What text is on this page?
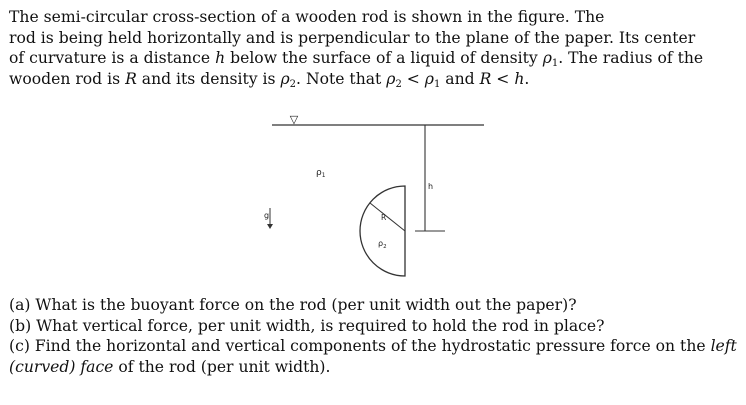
The semi-circular cross-section of a wooden rod is shown in the figure. The
rod is being held horizontally and is perpendicular to the plane of the paper. Its center
of curvature is a distance h below the surface of a liquid of density $\rho_1$. The radius of the
wooden rod is R and its density is $\rho_2$. Note that $\rho_2 < \rho_1$ and R < h.
▽
h
$\rho_1$
g	R
$\rho_2$
(a) What is the buoyant force on the rod (per unit width out the paper)?
(b) What vertical force, per unit width, is required to hold the rod in place?
(c) Find the horizontal and vertical components of the hydrostatic pressure force on the left
(curved) face of the rod (per unit width).
